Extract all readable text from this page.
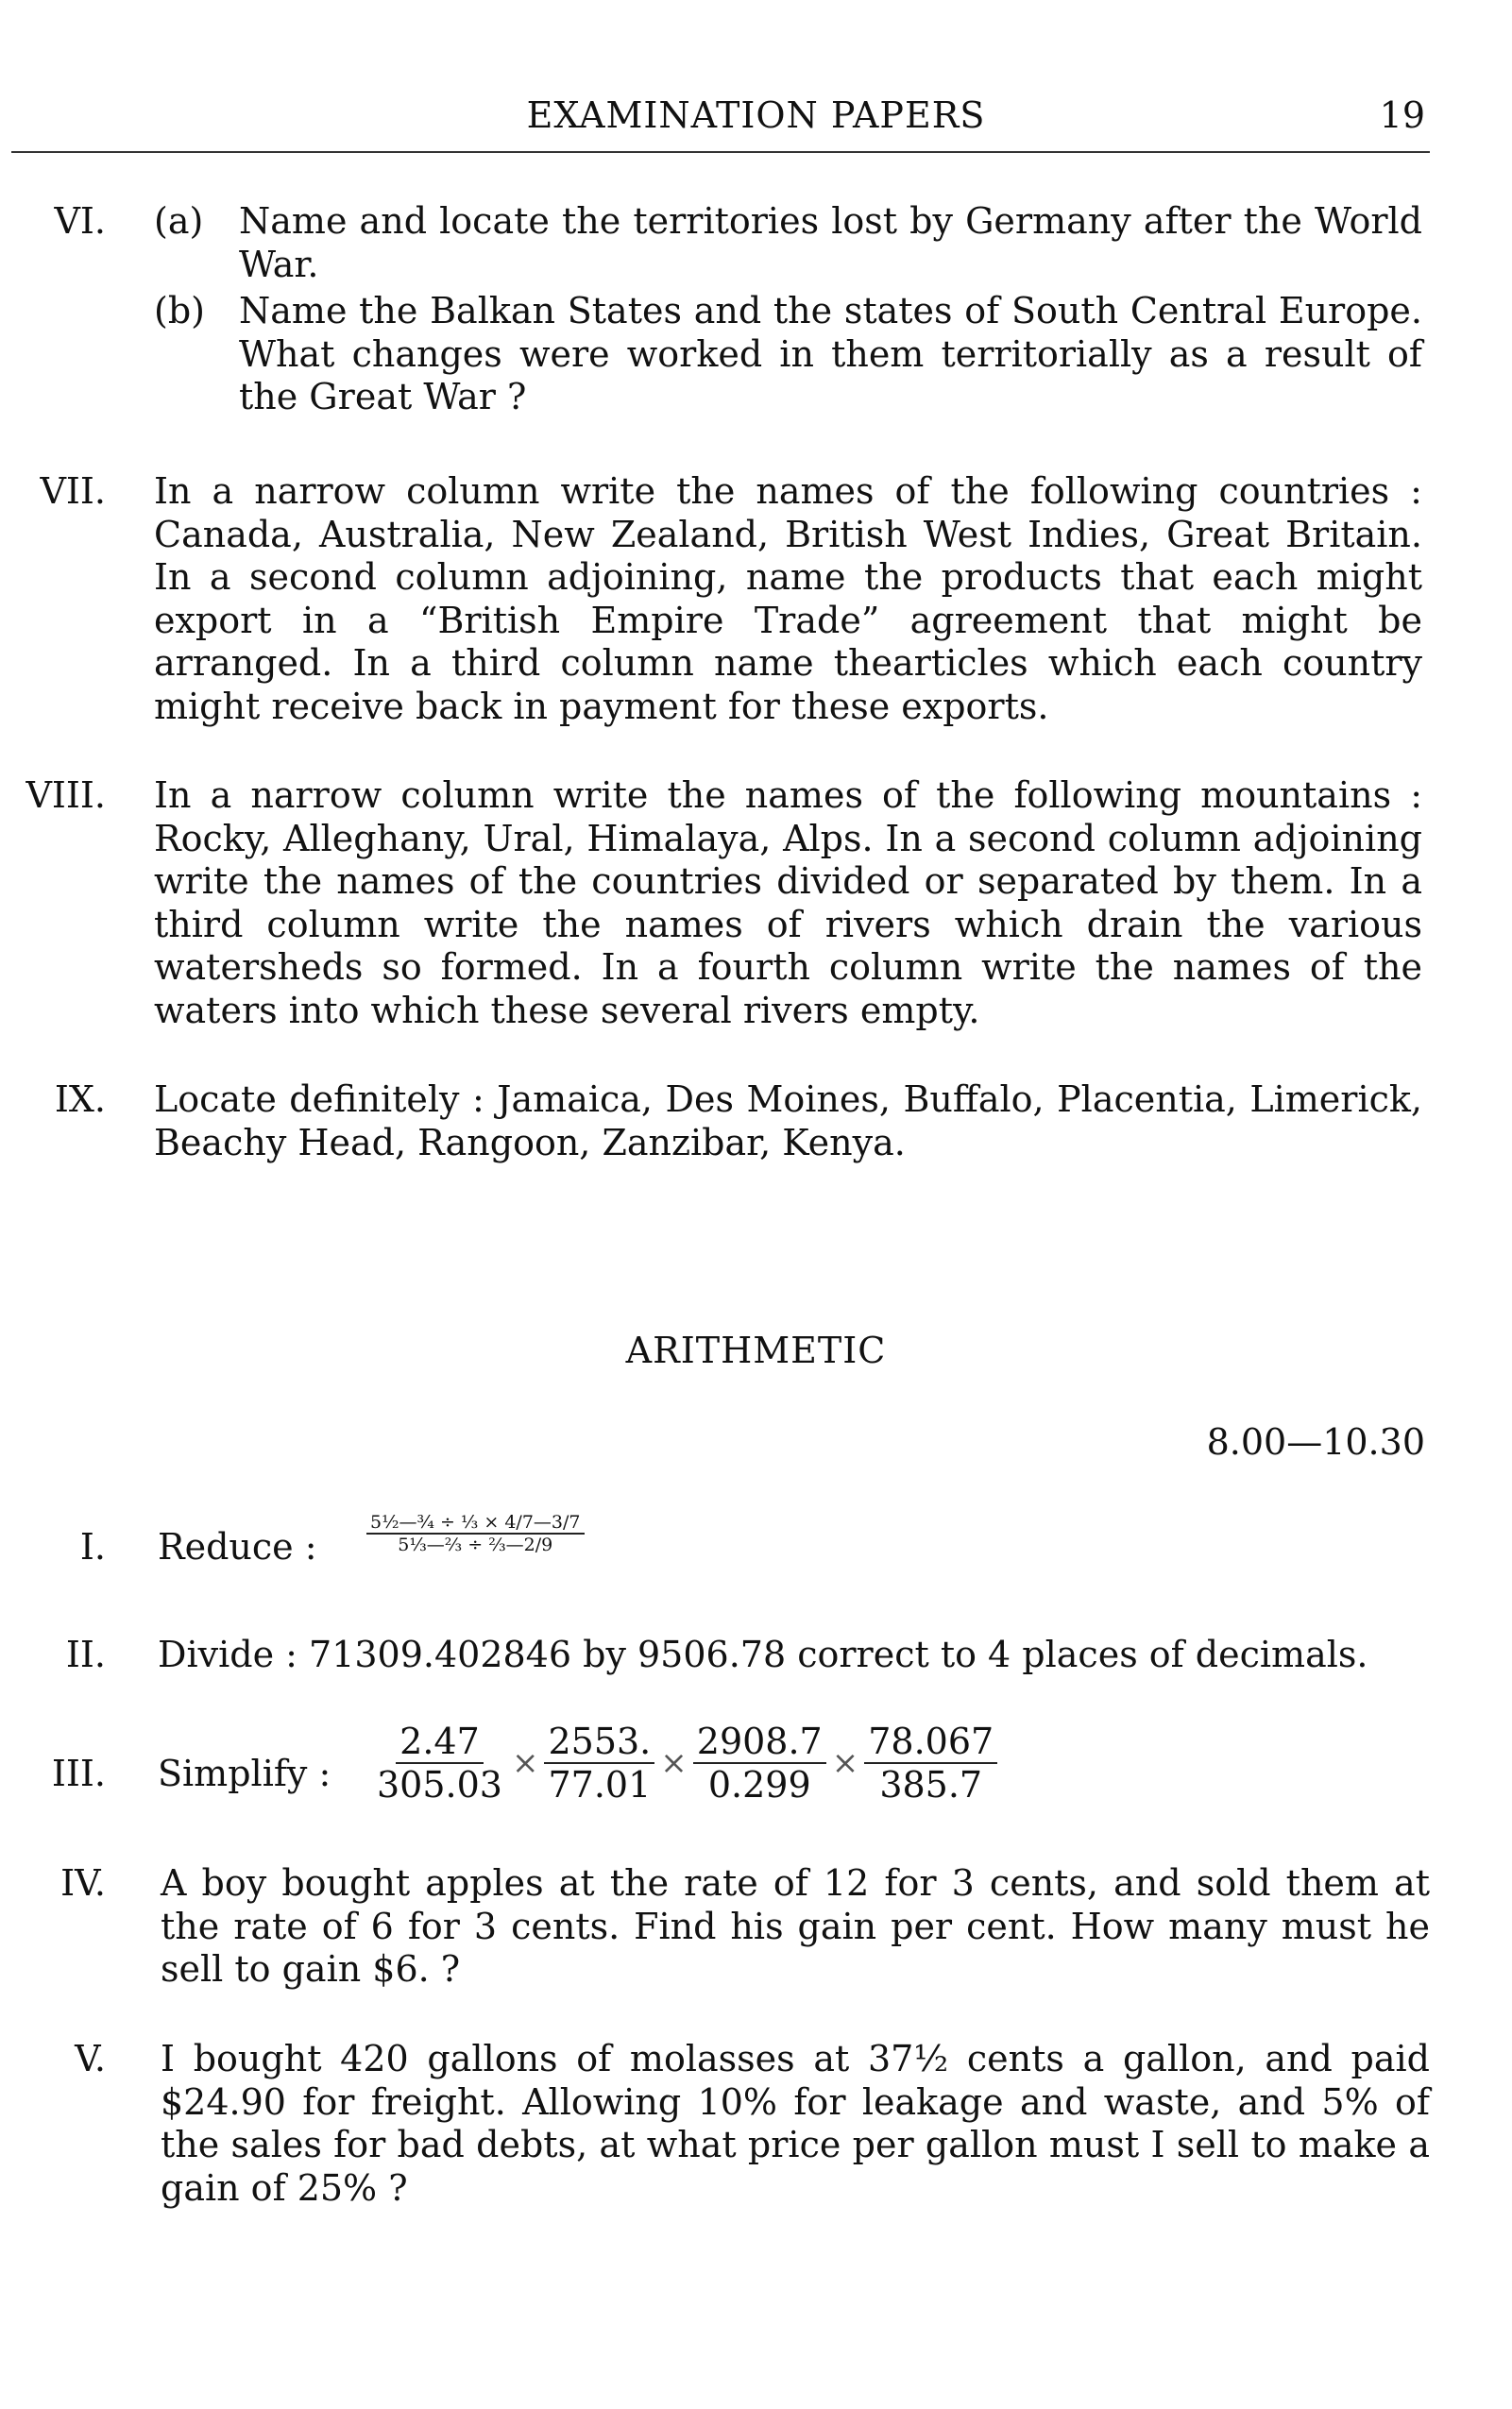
EXAMINATION PAPERS	19
VI. (a) Name and locate the territories lost by Germany after the World War.
(b) Name the Balkan States and the states of South Central Europe. What changes were worked in them territorially as a result of the Great War ?
VII. In a narrow column write the names of the following countries : Canada, Australia, New Zealand, British West Indies, Great Britain. In a second column adjoining, name the products that each might export in a “British Empire Trade” agreement that might be arranged. In a third column name thearticles which each country might receive back in payment for these exports.
VIII. In a narrow column write the names of the following mountains : Rocky, Alleghany, Ural, Himalaya, Alps. In a second column adjoining write the names of the countries divided or separated by them. In a third column write the names of rivers which drain the various watersheds so formed. In a fourth column write the names of the waters into which these several rivers empty.
IX. Locate definitely : Jamaica, Des Moines, Buffalo, Placentia, Limerick, Beachy Head, Rangoon, Zanzibar, Kenya.
ARITHMETIC
8.00—10.30
I. Reduce :	$\frac{\text{5½—¾ ÷ ⅓ × 4/7—3/7}}{\text{5⅓—⅔ ÷ ⅔—2/9}}$
II. Divide : 71309.402846 by 9506.78 correct to 4 places of decimals.
III. Simplify : $\frac{2.47}{305.03} \times \frac{2553.}{77.01} \times \frac{2908.7}{0.299} \times \frac{78.067}{385.7}$
IV. A boy bought apples at the rate of 12 for 3 cents, and sold them at the rate of 6 for 3 cents. Find his gain per cent. How many must he sell to gain $6. ?
V. I bought 420 gallons of molasses at 37½ cents a gallon, and paid $24.90 for freight. Allowing 10% for leakage and waste, and 5% of the sales for bad debts, at what price per gallon must I sell to make a gain of 25% ?
